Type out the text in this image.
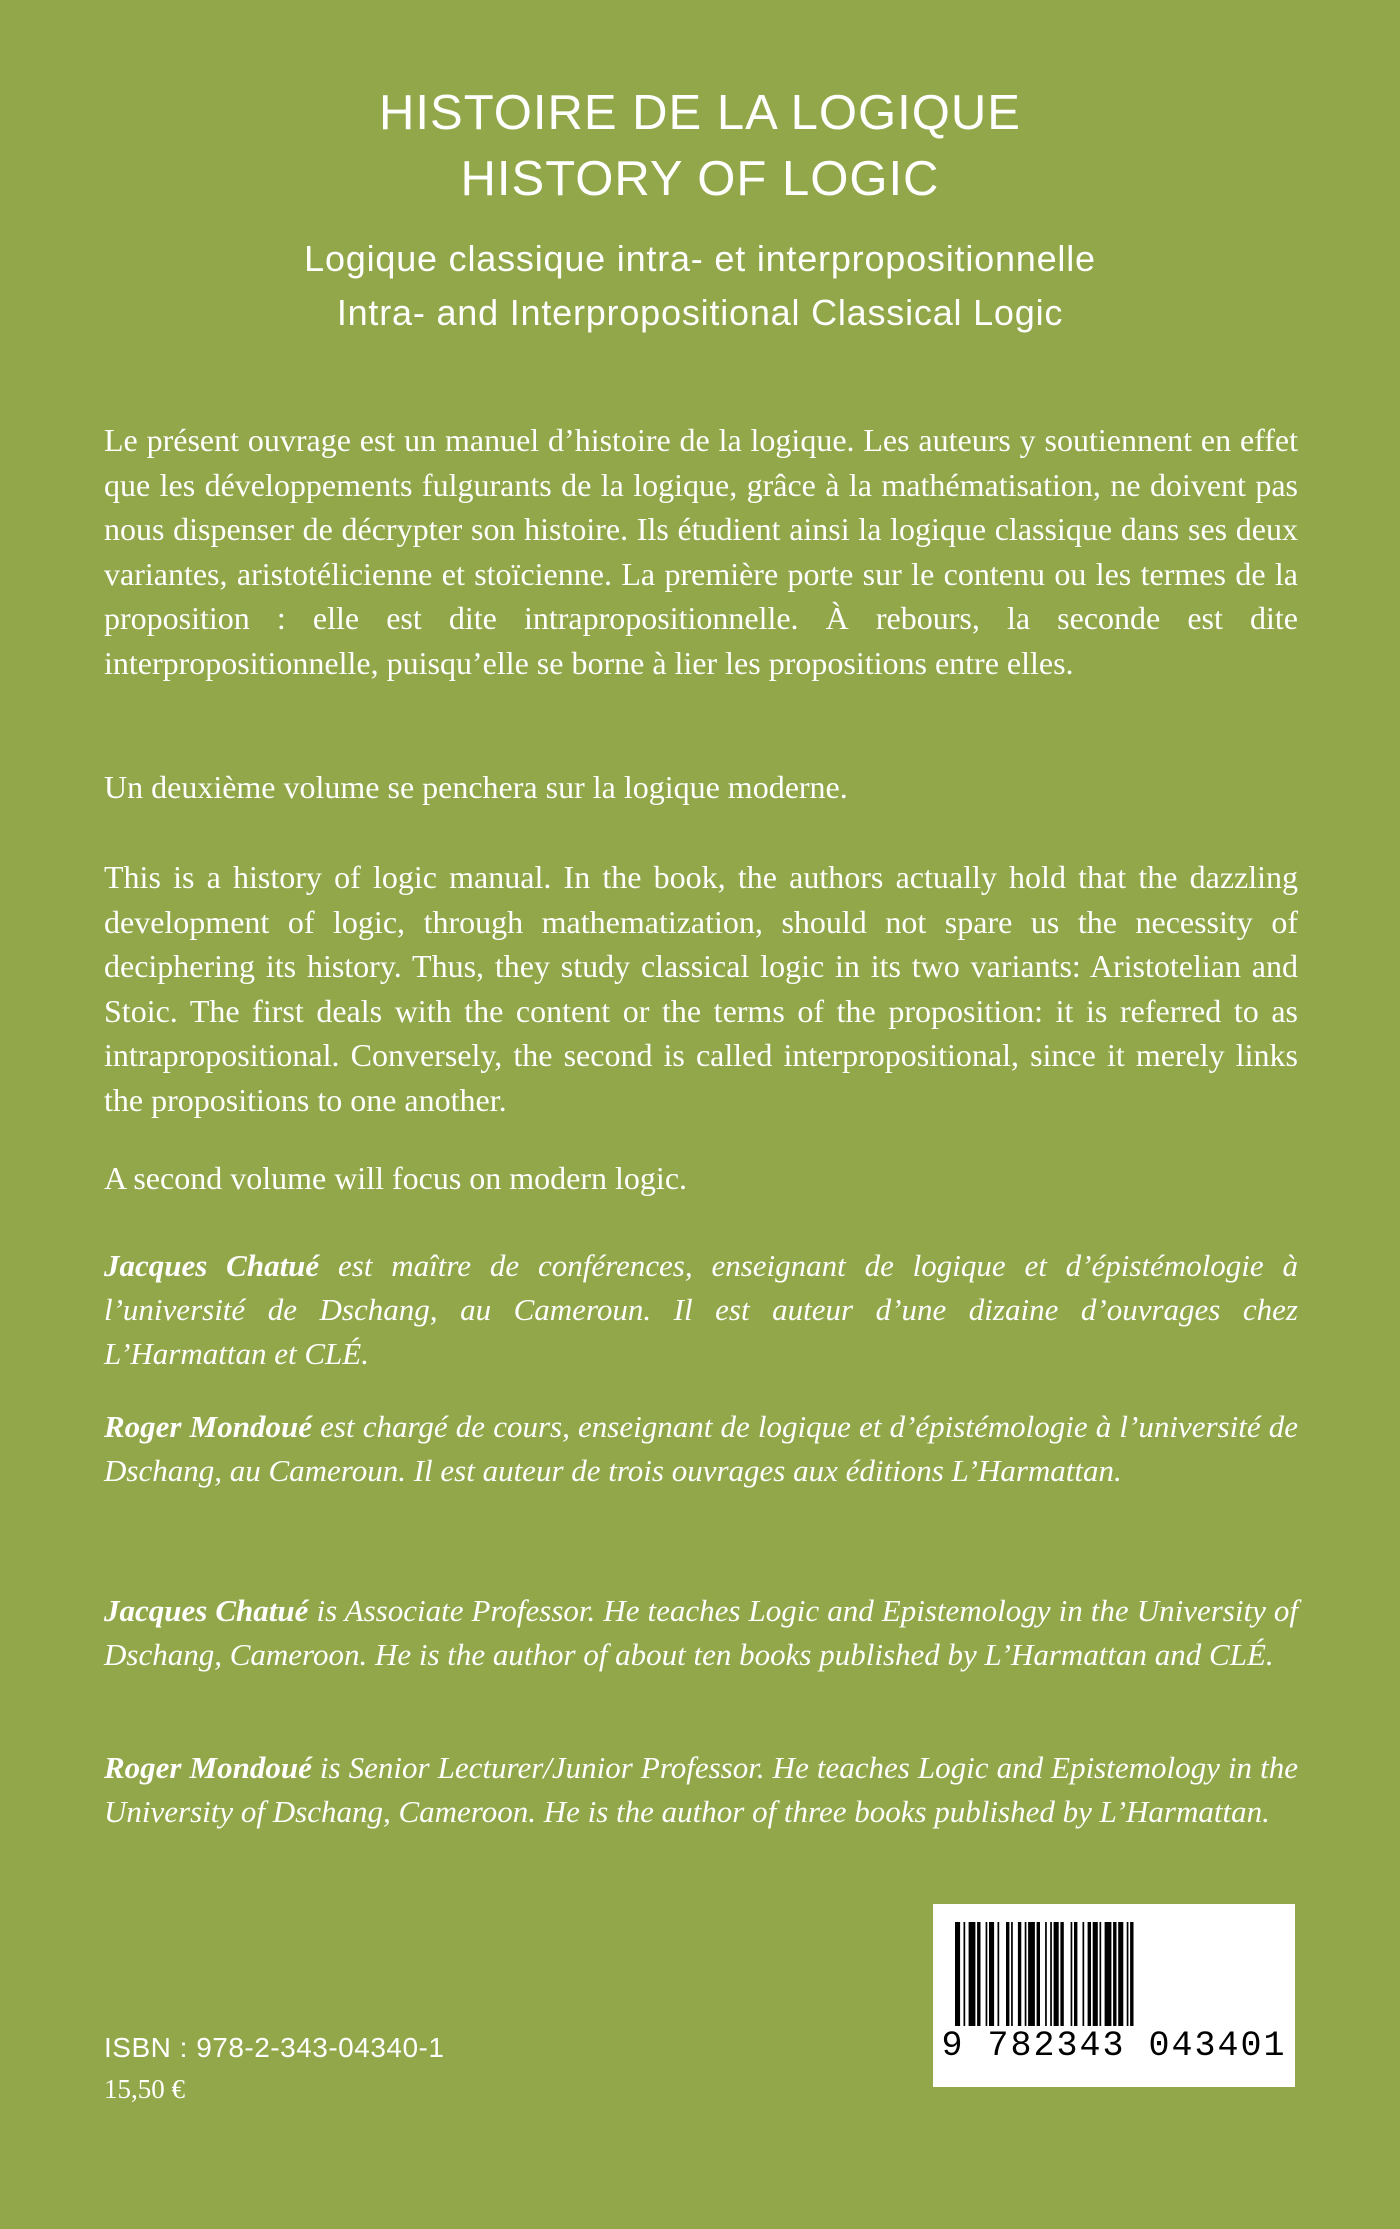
HISTOIRE DE LA LOGIQUE

HISTORY OF LOGIC

Logique classique intra- et interpropositionnelle

Intra- and Interpropositional Classical Logic

Le présent ouvrage est un manuel d’histoire de la logique. Les auteurs y soutiennent en effet que les développements fulgurants de la logique, grâce à la mathématisation, ne doivent pas nous dispenser de décrypter son histoire. Ils étudient ainsi la logique classique dans ses deux variantes, aristotélicienne et stoïcienne. La première porte sur le contenu ou les termes de la proposition : elle est dite intrapropositionnelle. À rebours, la seconde est dite interpropositionnelle, puisqu’elle se borne à lier les propositions entre elles.

Un deuxième volume se penchera sur la logique moderne.

This is a history of logic manual. In the book, the authors actually hold that the dazzling development of logic, through mathematization, should not spare us the necessity of deciphering its history. Thus, they study classical logic in its two variants: Aristotelian and Stoic. The first deals with the content or the terms of the proposition: it is referred to as intrapropositional. Conversely, the second is called interpropositional, since it merely links the propositions to one another.

A second volume will focus on modern logic.

Jacques Chatué est maître de conférences, enseignant de logique et d’épistémologie à l’université de Dschang, au Cameroun. Il est auteur d’une dizaine d’ouvrages chez L’Harmattan et CLÉ.

Roger Mondoué est chargé de cours, enseignant de logique et d’épistémologie à l’université de Dschang, au Cameroun. Il est auteur de trois ouvrages aux éditions L’Harmattan.

Jacques Chatué is Associate Professor. He teaches Logic and Epistemology in the University of Dschang, Cameroon. He is the author of about ten books published by L’Harmattan and CLÉ.

Roger Mondoué is Senior Lecturer/Junior Professor. He teaches Logic and Epistemology in the University of Dschang, Cameroon. He is the author of three books published by L’Harmattan.

9 782343 043401
ISBN : 978-2-343-04340-1
15,50 €
